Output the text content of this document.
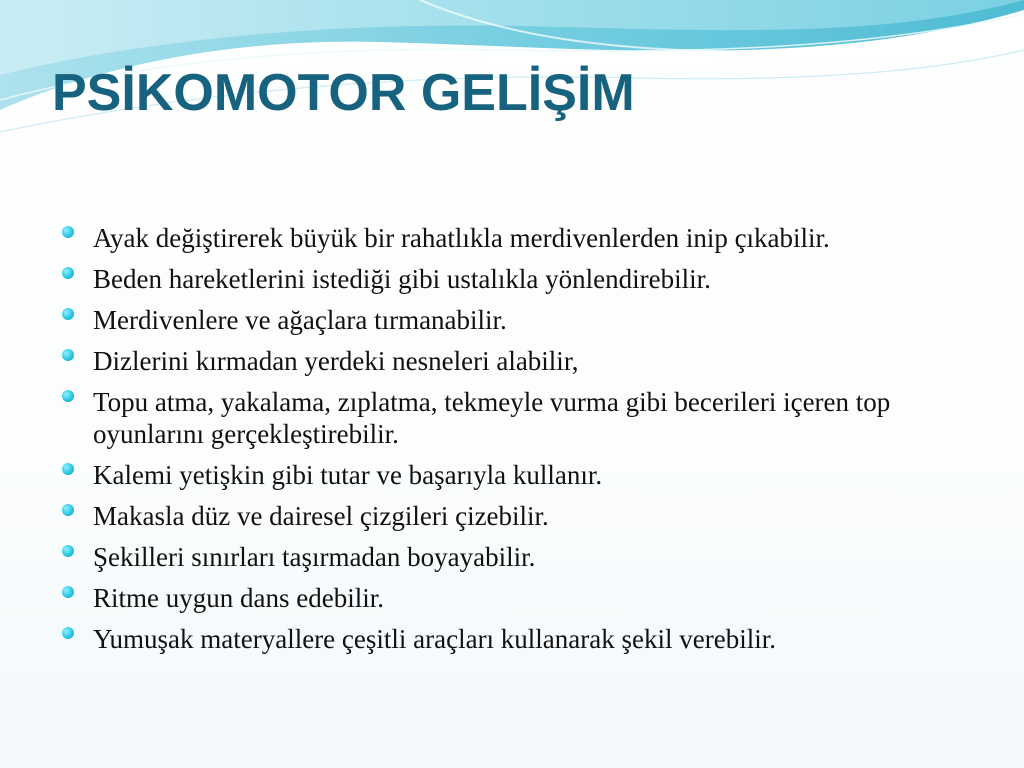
PSİKOMOTOR GELİŞİM
Ayak değiştirerek büyük bir rahatlıkla merdivenlerden inip çıkabilir.
Beden hareketlerini istediği gibi ustalıkla yönlendirebilir.
Merdivenlere ve ağaçlara tırmanabilir.
Dizlerini kırmadan yerdeki nesneleri alabilir,
Topu atma, yakalama, zıplatma, tekmeyle vurma gibi becerileri içeren top oyunlarını gerçekleştirebilir.
Kalemi yetişkin gibi tutar ve başarıyla kullanır.
Makasla düz ve dairesel çizgileri çizebilir.
Şekilleri sınırları taşırmadan boyayabilir.
Ritme uygun dans edebilir.
Yumuşak materyallere çeşitli araçları kullanarak şekil verebilir.
